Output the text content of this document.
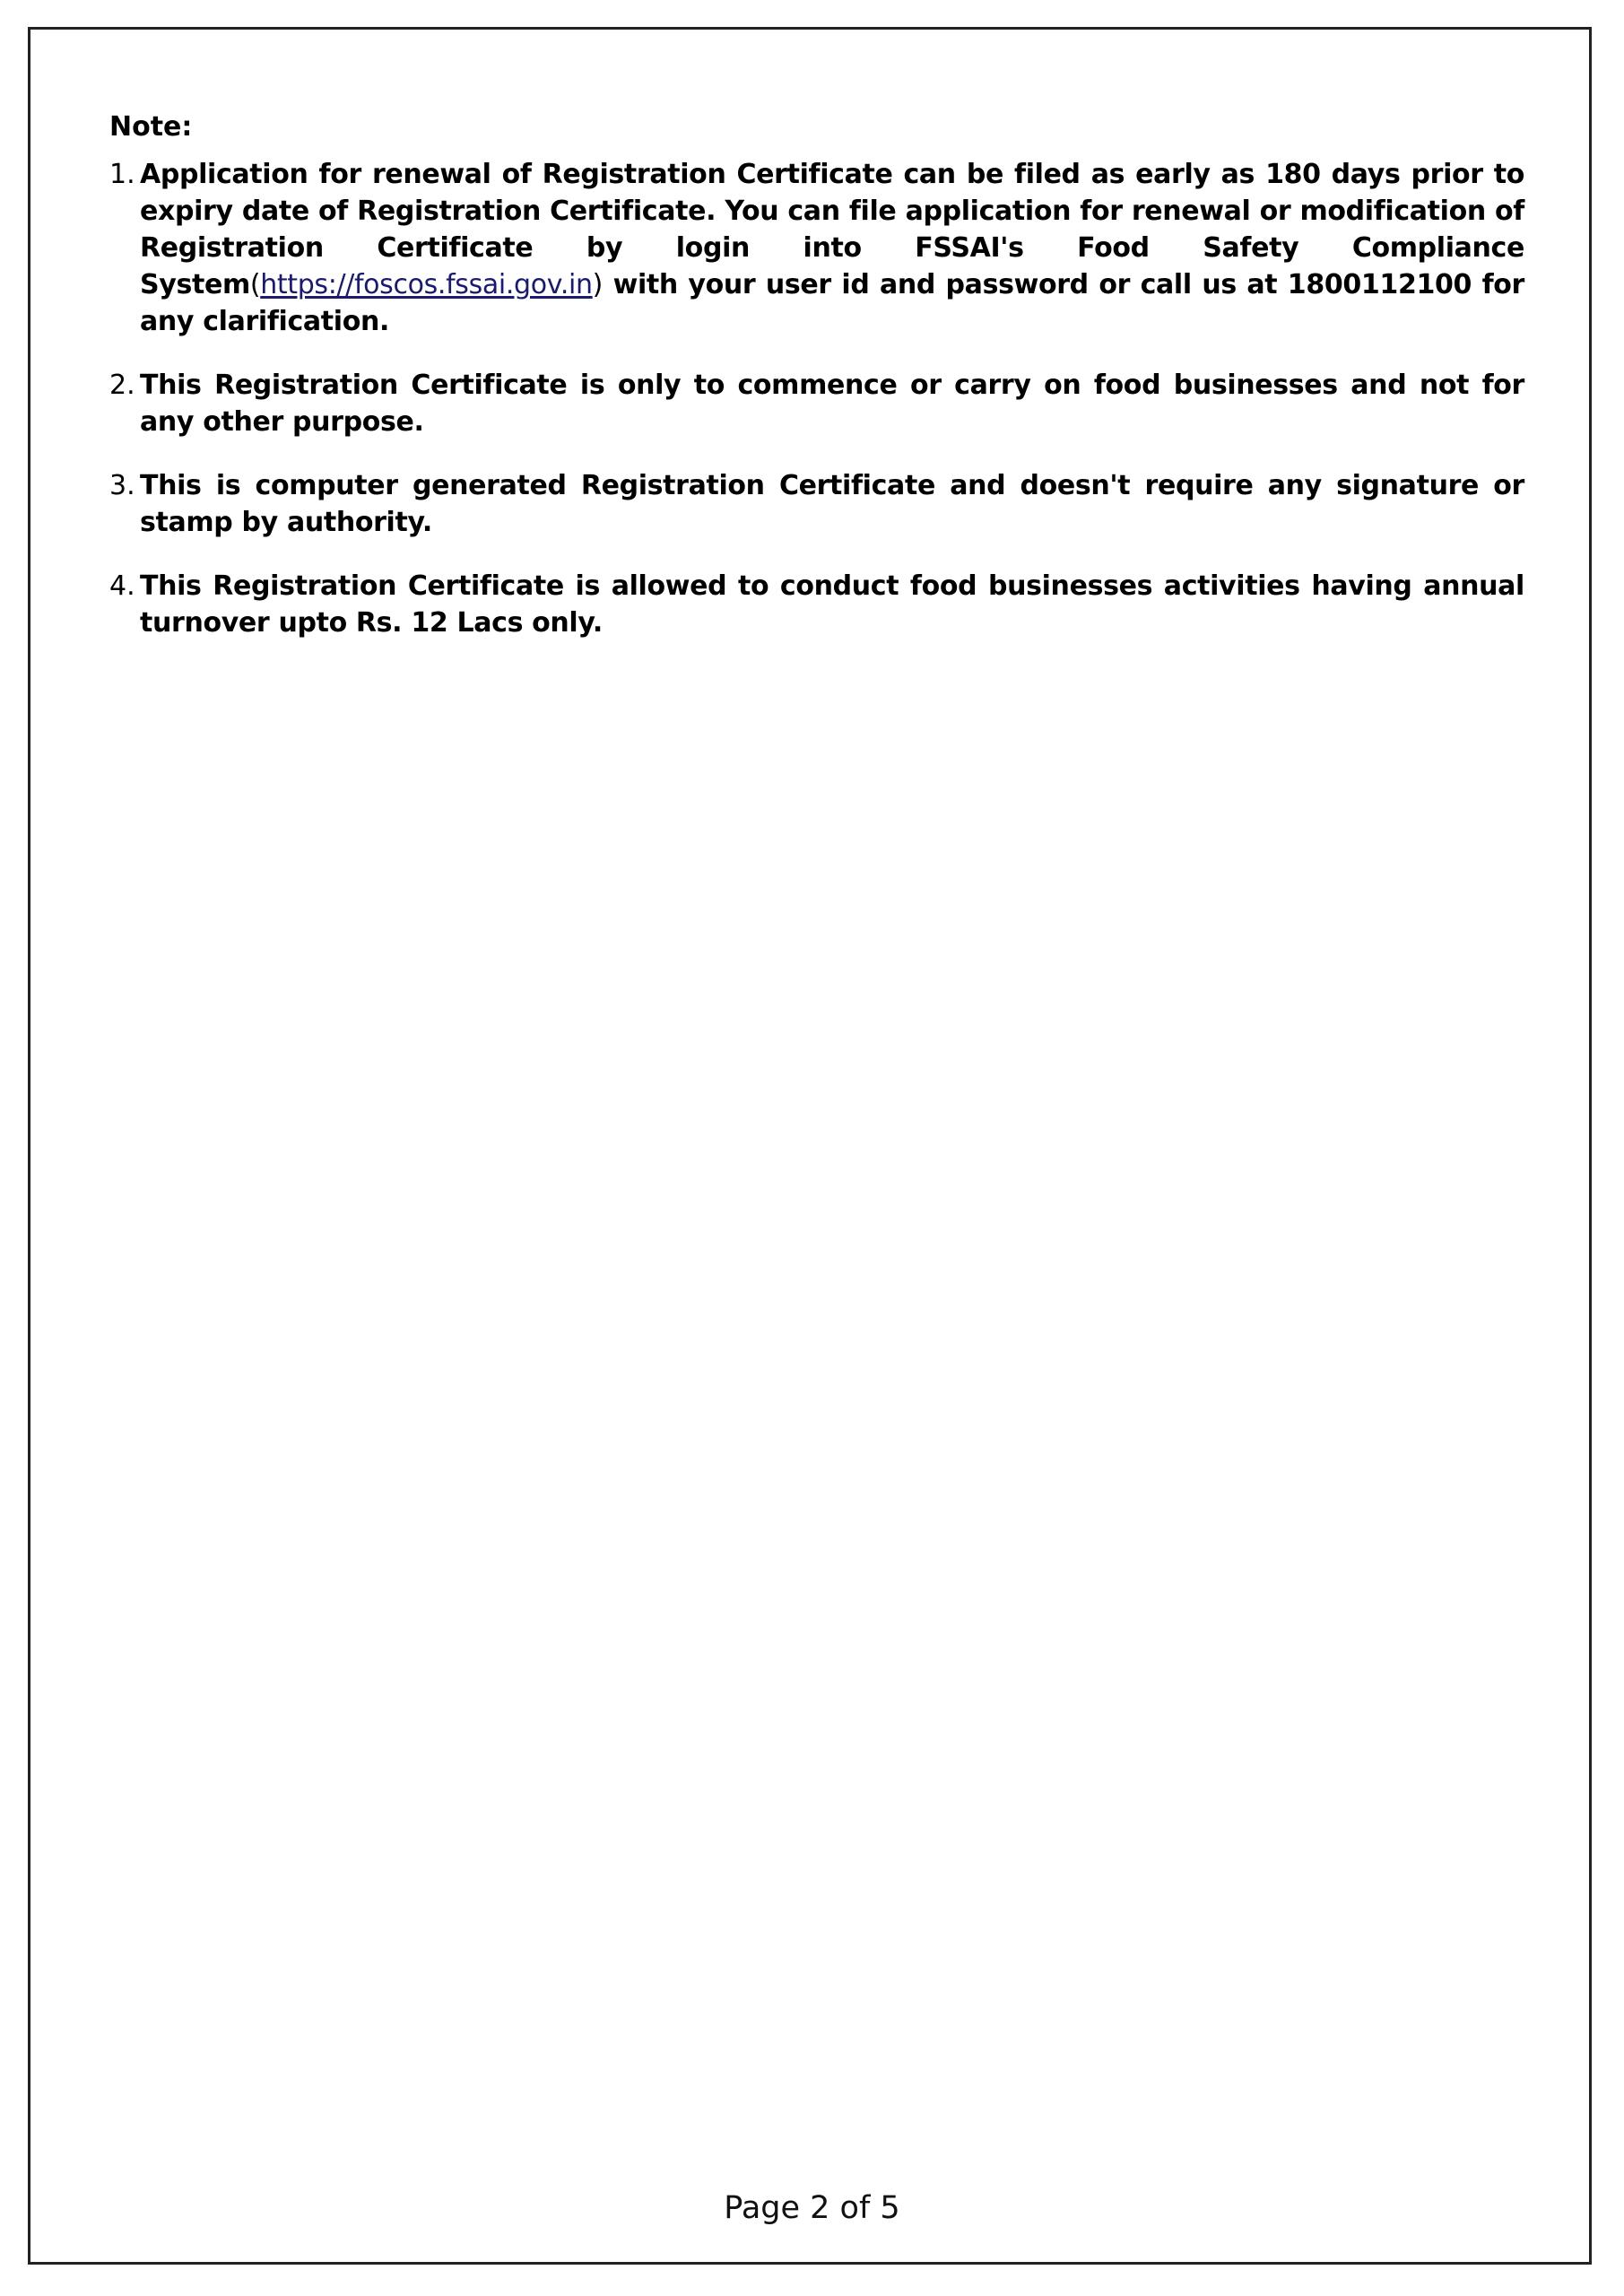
Note:
1. Application for renewal of Registration Certificate can be filed as early as 180 days prior to expiry date of Registration Certificate. You can file application for renewal or modification of Registration Certificate by login into FSSAI's Food Safety Compliance System(https://foscos.fssai.gov.in) with your user id and password or call us at 1800112100 for any clarification.
2. This Registration Certificate is only to commence or carry on food businesses and not for any other purpose.
3. This is computer generated Registration Certificate and doesn't require any signature or stamp by authority.
4. This Registration Certificate is allowed to conduct food businesses activities having annual turnover upto Rs. 12 Lacs only.
Page 2 of 5
